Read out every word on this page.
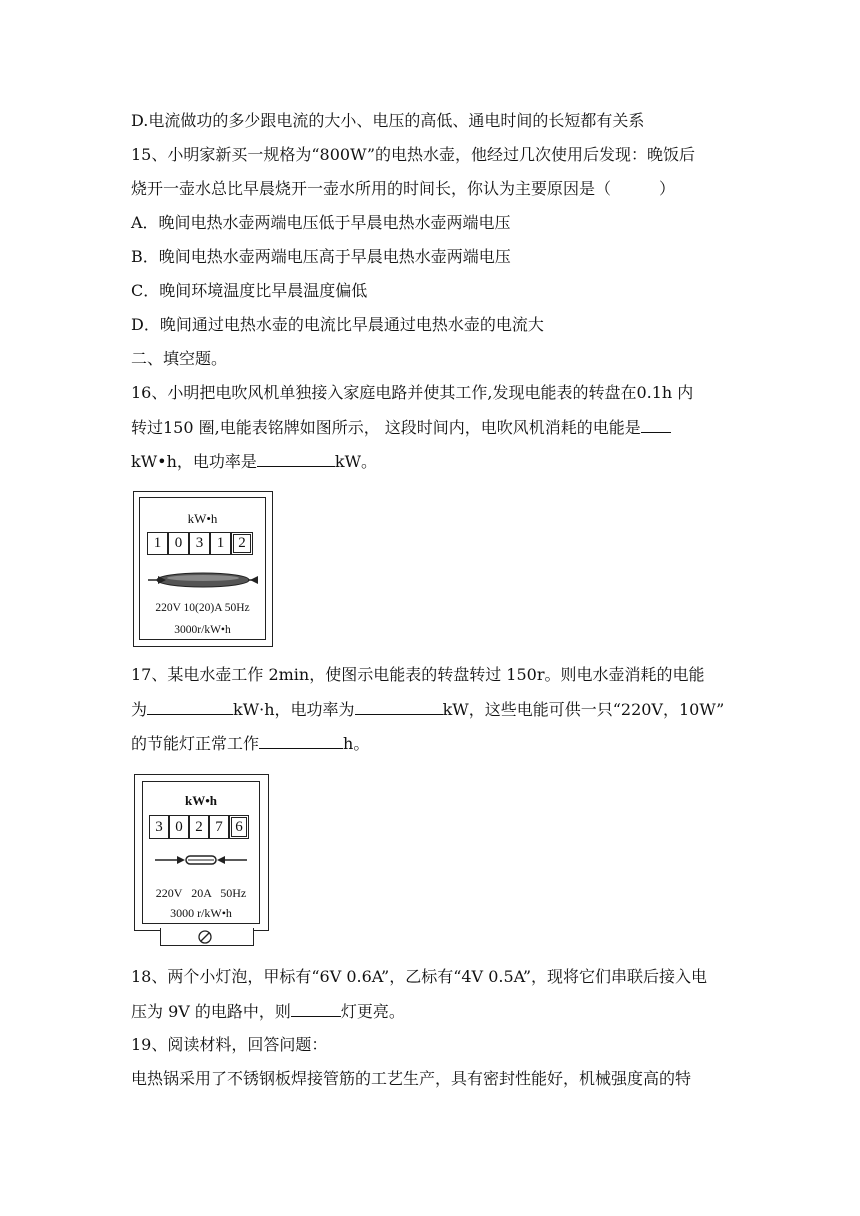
D.电流做功的多少跟电流的大小、电压的高低、通电时间的长短都有关系
15、小明家新买一规格为“800W”的电热水壶，他经过几次使用后发现：晚饭后
烧开一壶水总比早晨烧开一壶水所用的时间长，你认为主要原因是（　　　）
A．晚间电热水壶两端电压低于早晨电热水壶两端电压
B．晚间电热水壶两端电压高于早晨电热水壶两端电压
C．晚间环境温度比早晨温度偏低
D．晚间通过电热水壶的电流比早晨通过电热水壶的电流大
二、填空题。
16、小明把电吹风机单独接入家庭电路并使其工作,发现电能表的转盘在0.1h 内
转过150 圈,电能表铭牌如图所示， 这段时间内，电吹风机消耗的电能是
kW•h，电功率是	kW。
kW•h
1 0 3 1 2
220V 10(20)A 50Hz
3000r/kW•h
17、某电水壶工作 2min，使图示电能表的转盘转过 150r。则电水壶消耗的电能
为	kW·h，电功率为	kW，这些电能可供一只“220V，10W”
的节能灯正常工作	h。
kW•h
3 0 2 7 6
220V   20A   50Hz
3000 r/kW•h
18、两个小灯泡，甲标有“6V 0.6A”，乙标有“4V 0.5A”，现将它们串联后接入电
压为 9V 的电路中，则	灯更亮。
19、阅读材料，回答问题：
电热锅采用了不锈钢板焊接管筋的工艺生产，具有密封性能好，机械强度高的特
